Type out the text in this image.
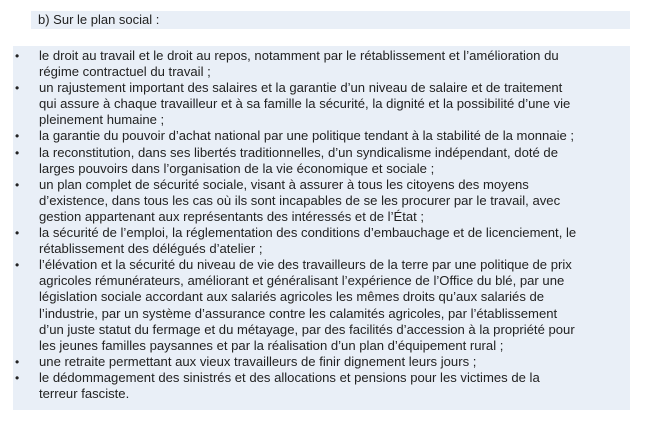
b) Sur le plan social :
• le droit au travail et le droit au repos, notamment par le rétablissement et l’amélioration du
régime contractuel du travail ;
• un rajustement important des salaires et la garantie d’un niveau de salaire et de traitement
qui assure à chaque travailleur et à sa famille la sécurité, la dignité et la possibilité d’une vie
pleinement humaine ;
• la garantie du pouvoir d’achat national par une politique tendant à la stabilité de la monnaie ;
• la reconstitution, dans ses libertés traditionnelles, d’un syndicalisme indépendant, doté de
larges pouvoirs dans l’organisation de la vie économique et sociale ;
• un plan complet de sécurité sociale, visant à assurer à tous les citoyens des moyens
d’existence, dans tous les cas où ils sont incapables de se les procurer par le travail, avec
gestion appartenant aux représentants des intéressés et de l’État ;
• la sécurité de l’emploi, la réglementation des conditions d’embauchage et de licenciement, le
rétablissement des délégués d’atelier ;
• l’élévation et la sécurité du niveau de vie des travailleurs de la terre par une politique de prix
agricoles rémunérateurs, améliorant et généralisant l’expérience de l’Office du blé, par une
législation sociale accordant aux salariés agricoles les mêmes droits qu’aux salariés de
l’industrie, par un système d’assurance contre les calamités agricoles, par l’établissement
d’un juste statut du fermage et du métayage, par des facilités d’accession à la propriété pour
les jeunes familles paysannes et par la réalisation d’un plan d’équipement rural ;
• une retraite permettant aux vieux travailleurs de finir dignement leurs jours ;
• le dédommagement des sinistrés et des allocations et pensions pour les victimes de la
terreur fasciste.
